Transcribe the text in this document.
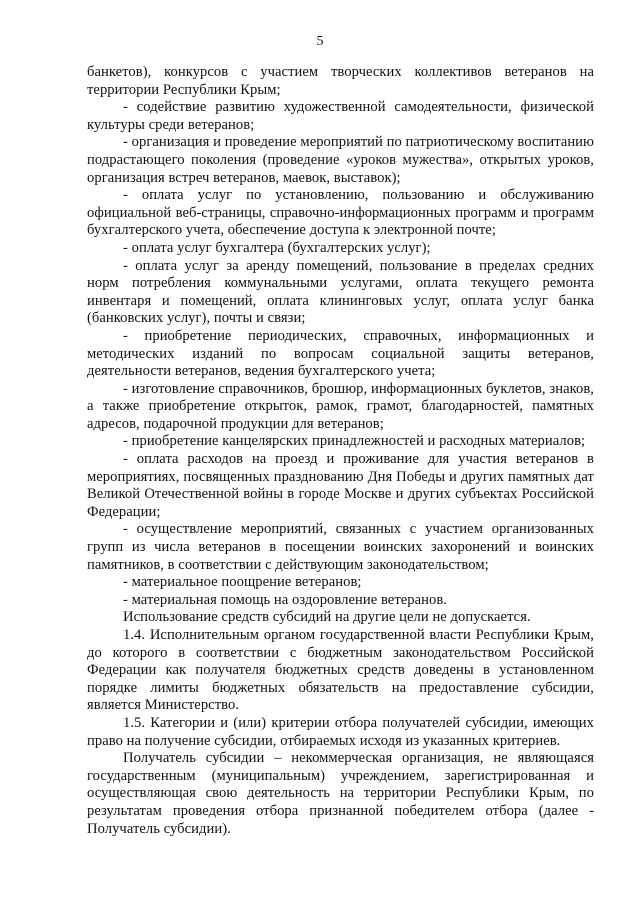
5

банкетов), конкурсов с участием творческих коллективов ветеранов на территории Республики Крым;

- содействие развитию художественной самодеятельности, физической культуры среди ветеранов;

- организация и проведение мероприятий по патриотическому воспитанию подрастающего поколения (проведение «уроков мужества», открытых уроков, организация встреч ветеранов, маевок, выставок);

- оплата услуг по установлению, пользованию и обслуживанию официальной веб-страницы, справочно-информационных программ и программ бухгалтерского учета, обеспечение доступа к электронной почте;

- оплата услуг бухгалтера (бухгалтерских услуг);

- оплата услуг за аренду помещений, пользование в пределах средних норм потребления коммунальными услугами, оплата текущего ремонта инвентаря и помещений, оплата клининговых услуг, оплата услуг банка (банковских услуг), почты и связи;

- приобретение периодических, справочных, информационных и методических изданий по вопросам социальной защиты ветеранов, деятельности ветеранов, ведения бухгалтерского учета;

- изготовление справочников, брошюр, информационных буклетов, знаков, а также приобретение открыток, рамок, грамот, благодарностей, памятных адресов, подарочной продукции для ветеранов;

- приобретение канцелярских принадлежностей и расходных материалов;

- оплата расходов на проезд и проживание для участия ветеранов в мероприятиях, посвященных празднованию Дня Победы и других памятных дат Великой Отечественной войны в городе Москве и других субъектах Российской Федерации;

- осуществление мероприятий, связанных с участием организованных групп из числа ветеранов в посещении воинских захоронений и воинских памятников, в соответствии с действующим законодательством;

- материальное поощрение ветеранов;

- материальная помощь на оздоровление ветеранов.

Использование средств субсидий на другие цели не допускается.

1.4. Исполнительным органом государственной власти Республики Крым, до которого в соответствии с бюджетным законодательством Российской Федерации как получателя бюджетных средств доведены в установленном порядке лимиты бюджетных обязательств на предоставление субсидии, является Министерство.

1.5. Категории и (или) критерии отбора получателей субсидии, имеющих право на получение субсидии, отбираемых исходя из указанных критериев.

Получатель субсидии – некоммерческая организация, не являющаяся государственным (муниципальным) учреждением, зарегистрированная и осуществляющая свою деятельность на территории Республики Крым, по результатам проведения отбора признанной победителем отбора (далее - Получатель субсидии).
